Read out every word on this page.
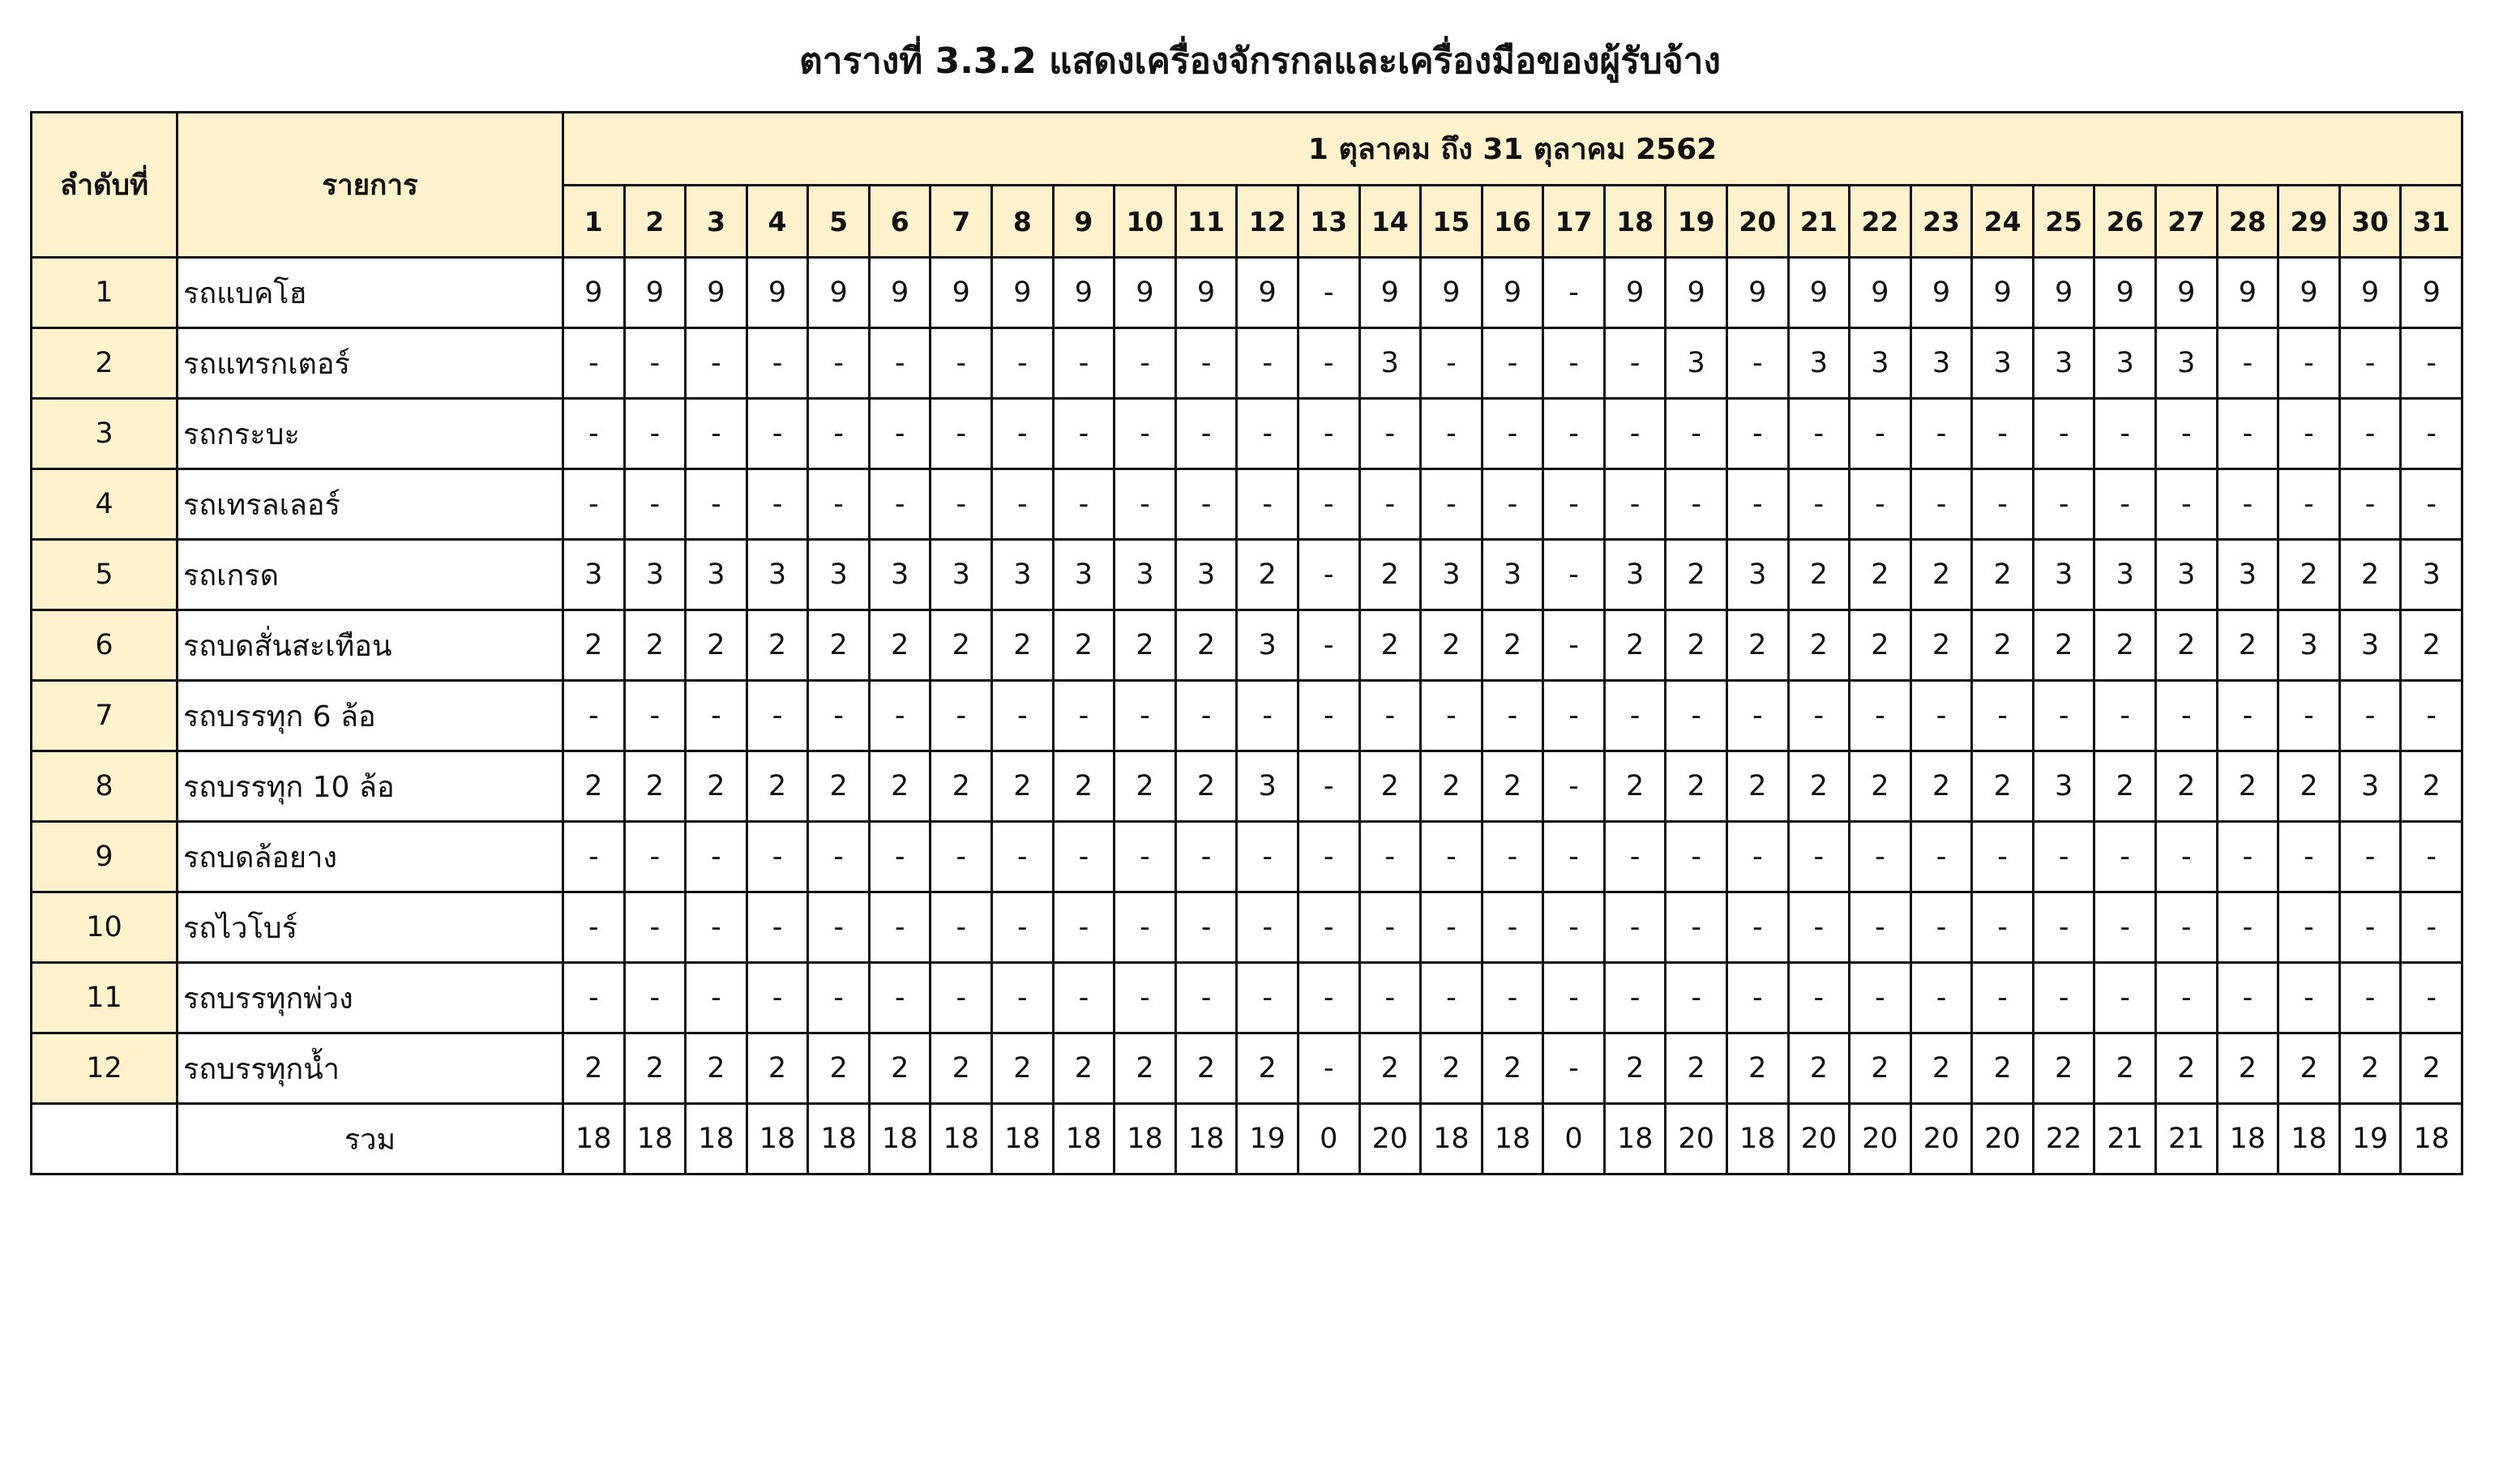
ตารางที่ 3.3.2 แสดงเครื่องจักรกลและเครื่องมือของผู้รับจ้าง
ลำดับที่	รายการ	1 ตุลาคม ถึง 31 ตุลาคม 2562																														
		1	2	3	4	5	6	7	8	9	10	11	12	13	14	15	16	17	18	19	20	21	22	23	24	25	26	27	28	29	30	31
1	รถแบคโฮ	9	9	9	9	9	9	9	9	9	9	9	9	-	9	9	9	-	9	9	9	9	9	9	9	9	9	9	9	9	9	9
2	รถแทรกเตอร์	-	-	-	-	-	-	-	-	-	-	-	-	-	3	-	-	-	-	3	-	3	3	3	3	3	3	3	-	-	-	-
3	รถกระบะ	-	-	-	-	-	-	-	-	-	-	-	-	-	-	-	-	-	-	-	-	-	-	-	-	-	-	-	-	-	-	-
4	รถเทรลเลอร์	-	-	-	-	-	-	-	-	-	-	-	-	-	-	-	-	-	-	-	-	-	-	-	-	-	-	-	-	-	-	-
5	รถเกรด	3	3	3	3	3	3	3	3	3	3	3	2	-	2	3	3	-	3	2	3	2	2	2	2	3	3	3	3	2	2	3
6	รถบดสั่นสะเทือน	2	2	2	2	2	2	2	2	2	2	2	3	-	2	2	2	-	2	2	2	2	2	2	2	2	2	2	2	3	3	2
7	รถบรรทุก 6 ล้อ	-	-	-	-	-	-	-	-	-	-	-	-	-	-	-	-	-	-	-	-	-	-	-	-	-	-	-	-	-	-	-
8	รถบรรทุก 10 ล้อ	2	2	2	2	2	2	2	2	2	2	2	3	-	2	2	2	-	2	2	2	2	2	2	2	3	2	2	2	2	3	2
9	รถบดล้อยาง	-	-	-	-	-	-	-	-	-	-	-	-	-	-	-	-	-	-	-	-	-	-	-	-	-	-	-	-	-	-	-
10	รถไวโบร์	-	-	-	-	-	-	-	-	-	-	-	-	-	-	-	-	-	-	-	-	-	-	-	-	-	-	-	-	-	-	-
11	รถบรรทุกพ่วง	-	-	-	-	-	-	-	-	-	-	-	-	-	-	-	-	-	-	-	-	-	-	-	-	-	-	-	-	-	-	-
12	รถบรรทุกน้ำ	2	2	2	2	2	2	2	2	2	2	2	2	-	2	2	2	-	2	2	2	2	2	2	2	2	2	2	2	2	2	2
	รวม	18	18	18	18	18	18	18	18	18	18	18	19	0	20	18	18	0	18	20	18	20	20	20	20	22	21	21	18	18	19	18
